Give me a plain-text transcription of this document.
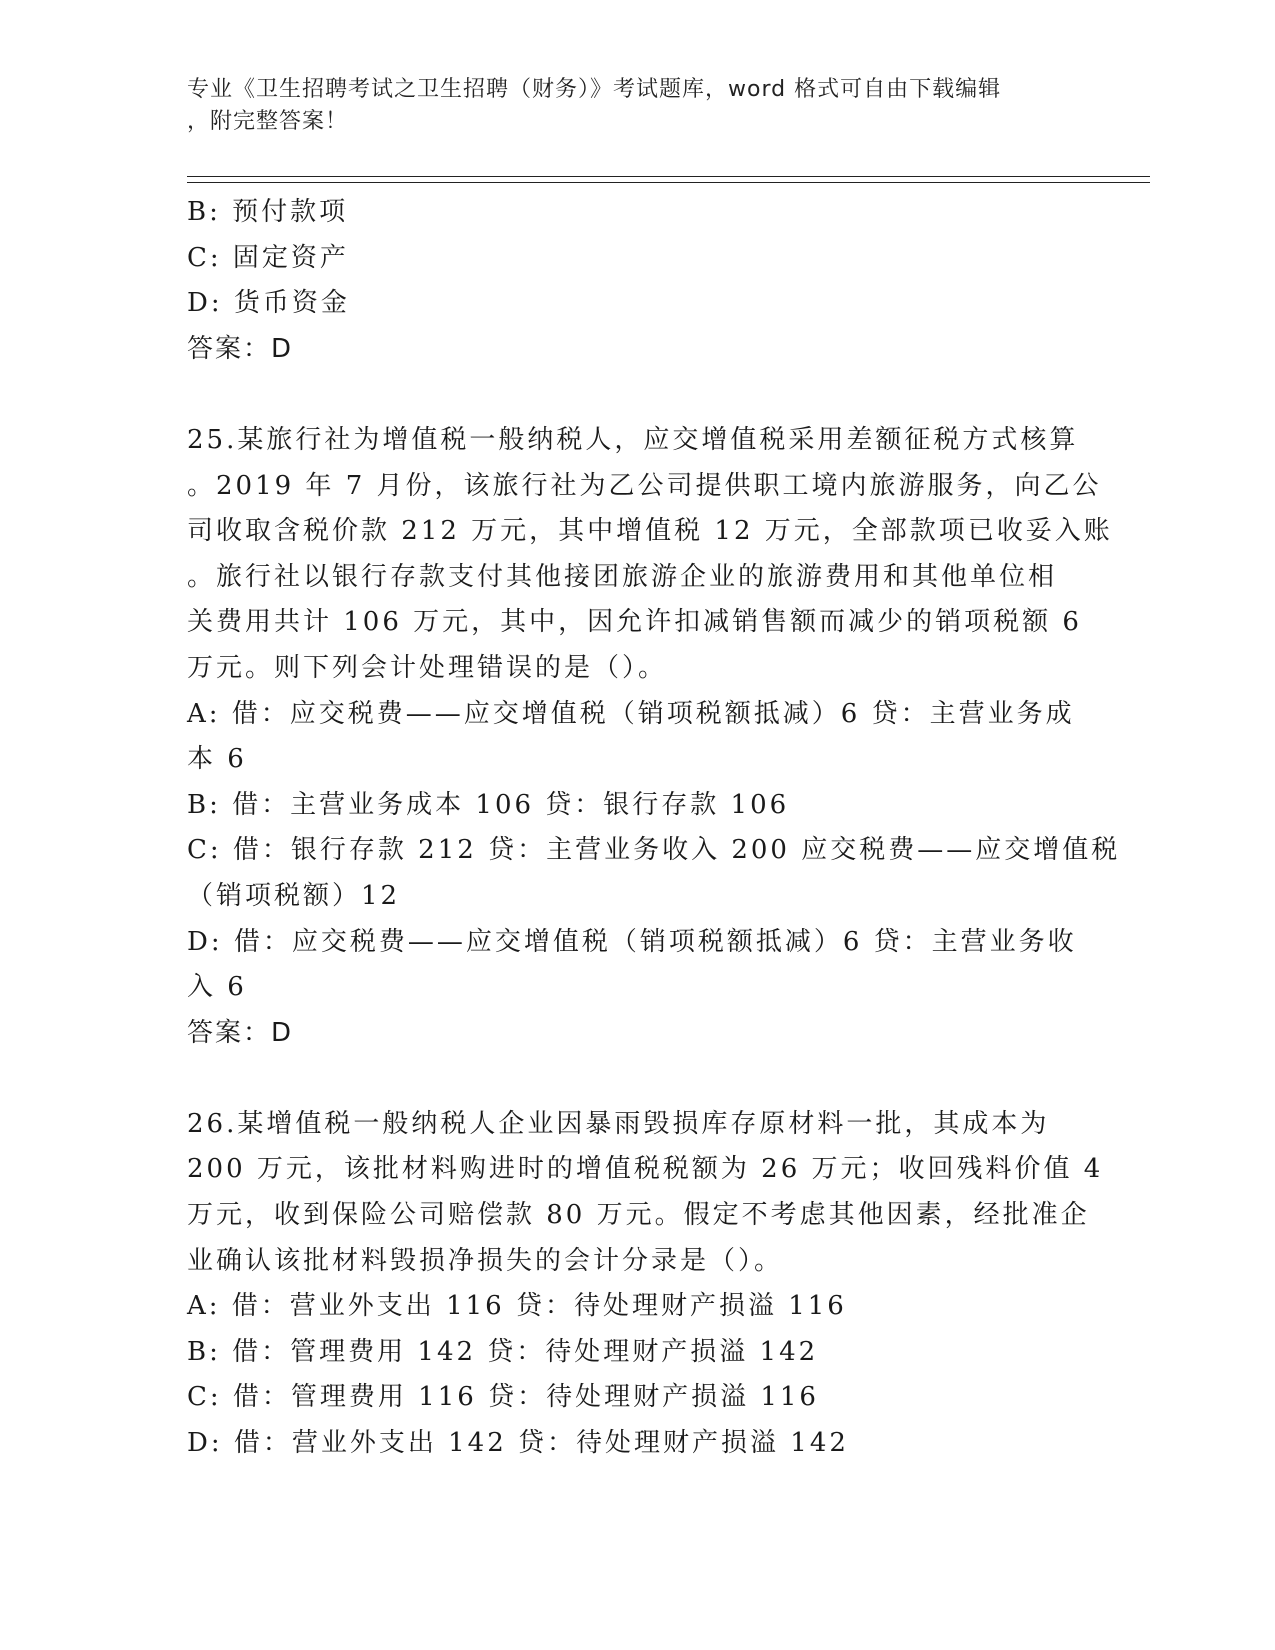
专业《卫生招聘考试之卫生招聘（财务）》考试题库，word 格式可自由下载编辑
，附完整答案！
B: 预付款项
C: 固定资产
D: 货币资金
答案：D
25.某旅行社为增值税一般纳税人，应交增值税采用差额征税方式核算
。2019 年 7 月份，该旅行社为乙公司提供职工境内旅游服务，向乙公
司收取含税价款 212 万元，其中增值税 12 万元，全部款项已收妥入账
。旅行社以银行存款支付其他接团旅游企业的旅游费用和其他单位相
关费用共计 106 万元，其中，因允许扣减销售额而减少的销项税额 6
万元。则下列会计处理错误的是（）。
A: 借：应交税费——应交增值税（销项税额抵减）6 贷：主营业务成
本 6
B: 借：主营业务成本 106 贷：银行存款 106
C: 借：银行存款 212 贷：主营业务收入 200 应交税费——应交增值税
（销项税额）12
D: 借：应交税费——应交增值税（销项税额抵减）6 贷：主营业务收
入 6
答案：D
26.某增值税一般纳税人企业因暴雨毁损库存原材料一批，其成本为
200 万元，该批材料购进时的增值税税额为 26 万元；收回残料价值 4
万元，收到保险公司赔偿款 80 万元。假定不考虑其他因素，经批准企
业确认该批材料毁损净损失的会计分录是（）。
A: 借：营业外支出 116 贷：待处理财产损溢 116
B: 借：管理费用 142 贷：待处理财产损溢 142
C: 借：管理费用 116 贷：待处理财产损溢 116
D: 借：营业外支出 142 贷：待处理财产损溢 142
